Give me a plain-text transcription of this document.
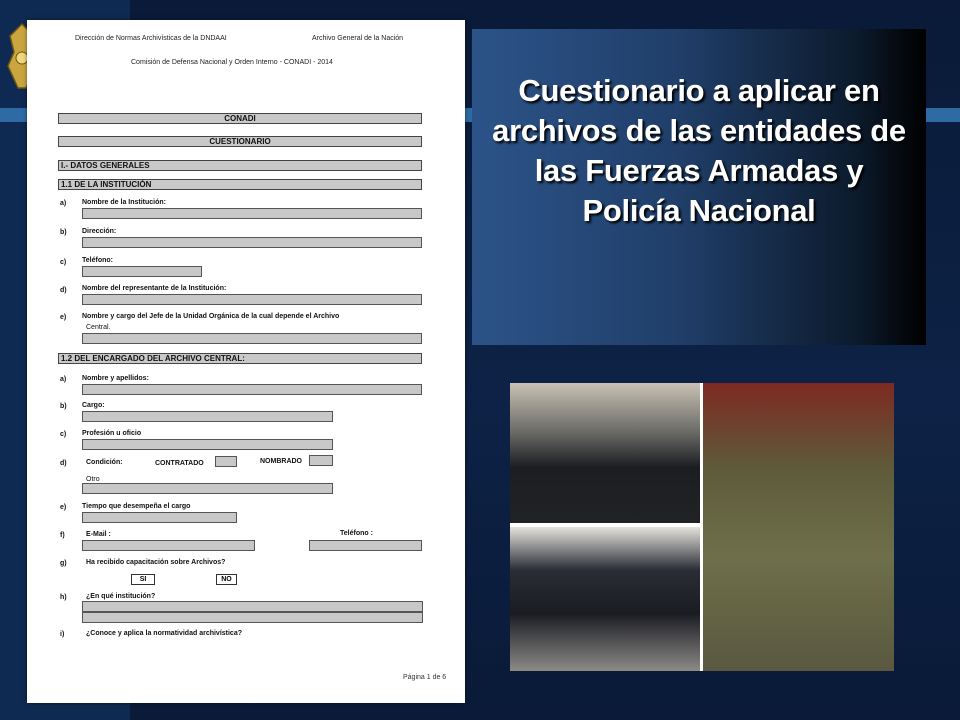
Dirección de Normas Archivísticas de la DNDAAI	Archivo General de la Nación
Comisión de Defensa Nacional y Orden Interno - CONADI - 2014
CONADI
CUESTIONARIO
I.- DATOS GENERALES
1.1 DE LA INSTITUCIÓN
a) Nombre de la Institución:
b) Dirección:
c) Teléfono:
d) Nombre del representante de la Institución:
e) Nombre y cargo del Jefe de la Unidad Orgánica de la cual depende el Archivo
Central.
1.2 DEL ENCARGADO DEL ARCHIVO CENTRAL:
a) Nombre y apellidos:
b) Cargo:
c) Profesión u oficio
d)	Condición:	CONTRATADO	NOMBRADO
Otro
e) Tiempo que desempeña el cargo
f)	E-Mail :	Teléfono :
g)	Ha recibido capacitación sobre Archivos?
SI	NO
h)	¿En qué institución?
i)	¿Conoce y aplica la normatividad archivística?
Página 1 de 6
Cuestionario a aplicar en archivos de las entidades de las Fuerzas Armadas y Policía Nacional
